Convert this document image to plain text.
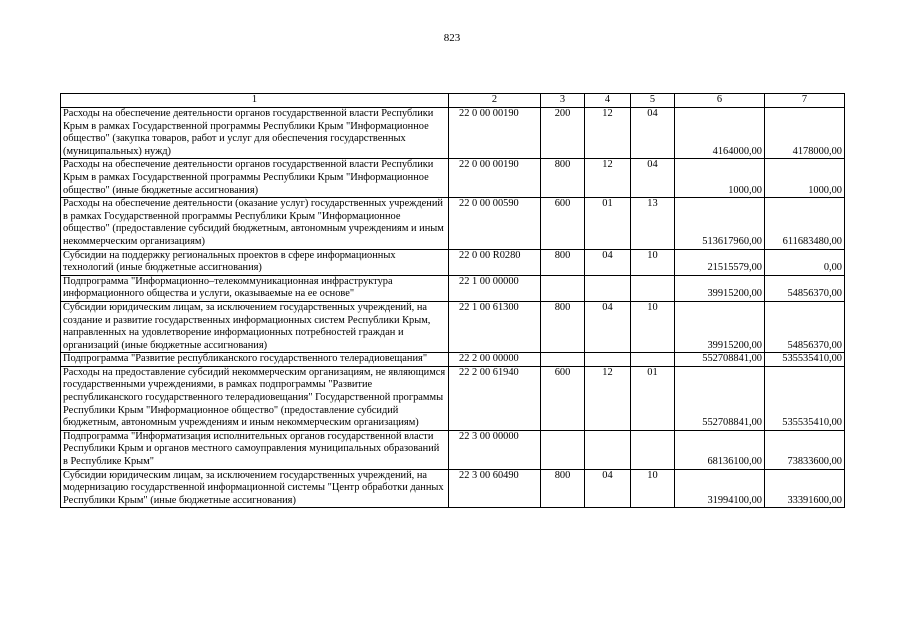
823
1	2	3	4	5	6	7
Расходы на обеспечение деятельности органов государственной власти Республики Крым в рамках Государственной программы Республики Крым "Информационное общество" (закупка товаров, работ и услуг для обеспечения государственных (муниципальных) нужд)	22 0 00 00190	200	12	04	4164000,00	4178000,00
Расходы на обеспечение деятельности органов государственной власти Республики Крым в рамках Государственной программы Республики Крым "Информационное общество" (иные бюджетные ассигнования)	22 0 00 00190	800	12	04	1000,00	1000,00
Расходы на обеспечение деятельности (оказание услуг) государственных учреждений в рамках Государственной программы Республики Крым "Информационное общество" (предоставление субсидий бюджетным, автономным учреждениям и иным некоммерческим организациям)	22 0 00 00590	600	01	13	513617960,00	611683480,00
Субсидии на поддержку региональных проектов в сфере информационных технологий (иные бюджетные ассигнования)	22 0 00 R0280	800	04	10	21515579,00	0,00
Подпрограмма "Информационно–телекоммуникационная инфраструктура информационного общества и услуги, оказываемые на ее основе"	22 1 00 00000				39915200,00	54856370,00
Субсидии юридическим лицам, за исключением государственных учреждений, на создание и развитие государственных информационных систем Республики Крым, направленных на удовлетворение информационных потребностей граждан и организаций (иные бюджетные ассигнования)	22 1 00 61300	800	04	10	39915200,00	54856370,00
Подпрограмма "Развитие республиканского государственного телерадиовещания"	22 2 00 00000				552708841,00	535535410,00
Расходы на предоставление субсидий некоммерческим организациям, не являющимся государственными учреждениями, в рамках подпрограммы "Развитие республиканского государственного телерадиовещания" Государственной программы Республики Крым "Информационное общество" (предоставление субсидий бюджетным, автономным учреждениям и иным некоммерческим организациям)	22 2 00 61940	600	12	01	552708841,00	535535410,00
Подпрограмма "Информатизация исполнительных органов государственной власти Республики Крым и органов местного самоуправления муниципальных образований в Республике Крым"	22 3 00 00000				68136100,00	73833600,00
Субсидии юридическим лицам, за исключением государственных учреждений, на модернизацию государственной информационной системы "Центр обработки данных Республики Крым" (иные бюджетные ассигнования)	22 3 00 60490	800	04	10	31994100,00	33391600,00
